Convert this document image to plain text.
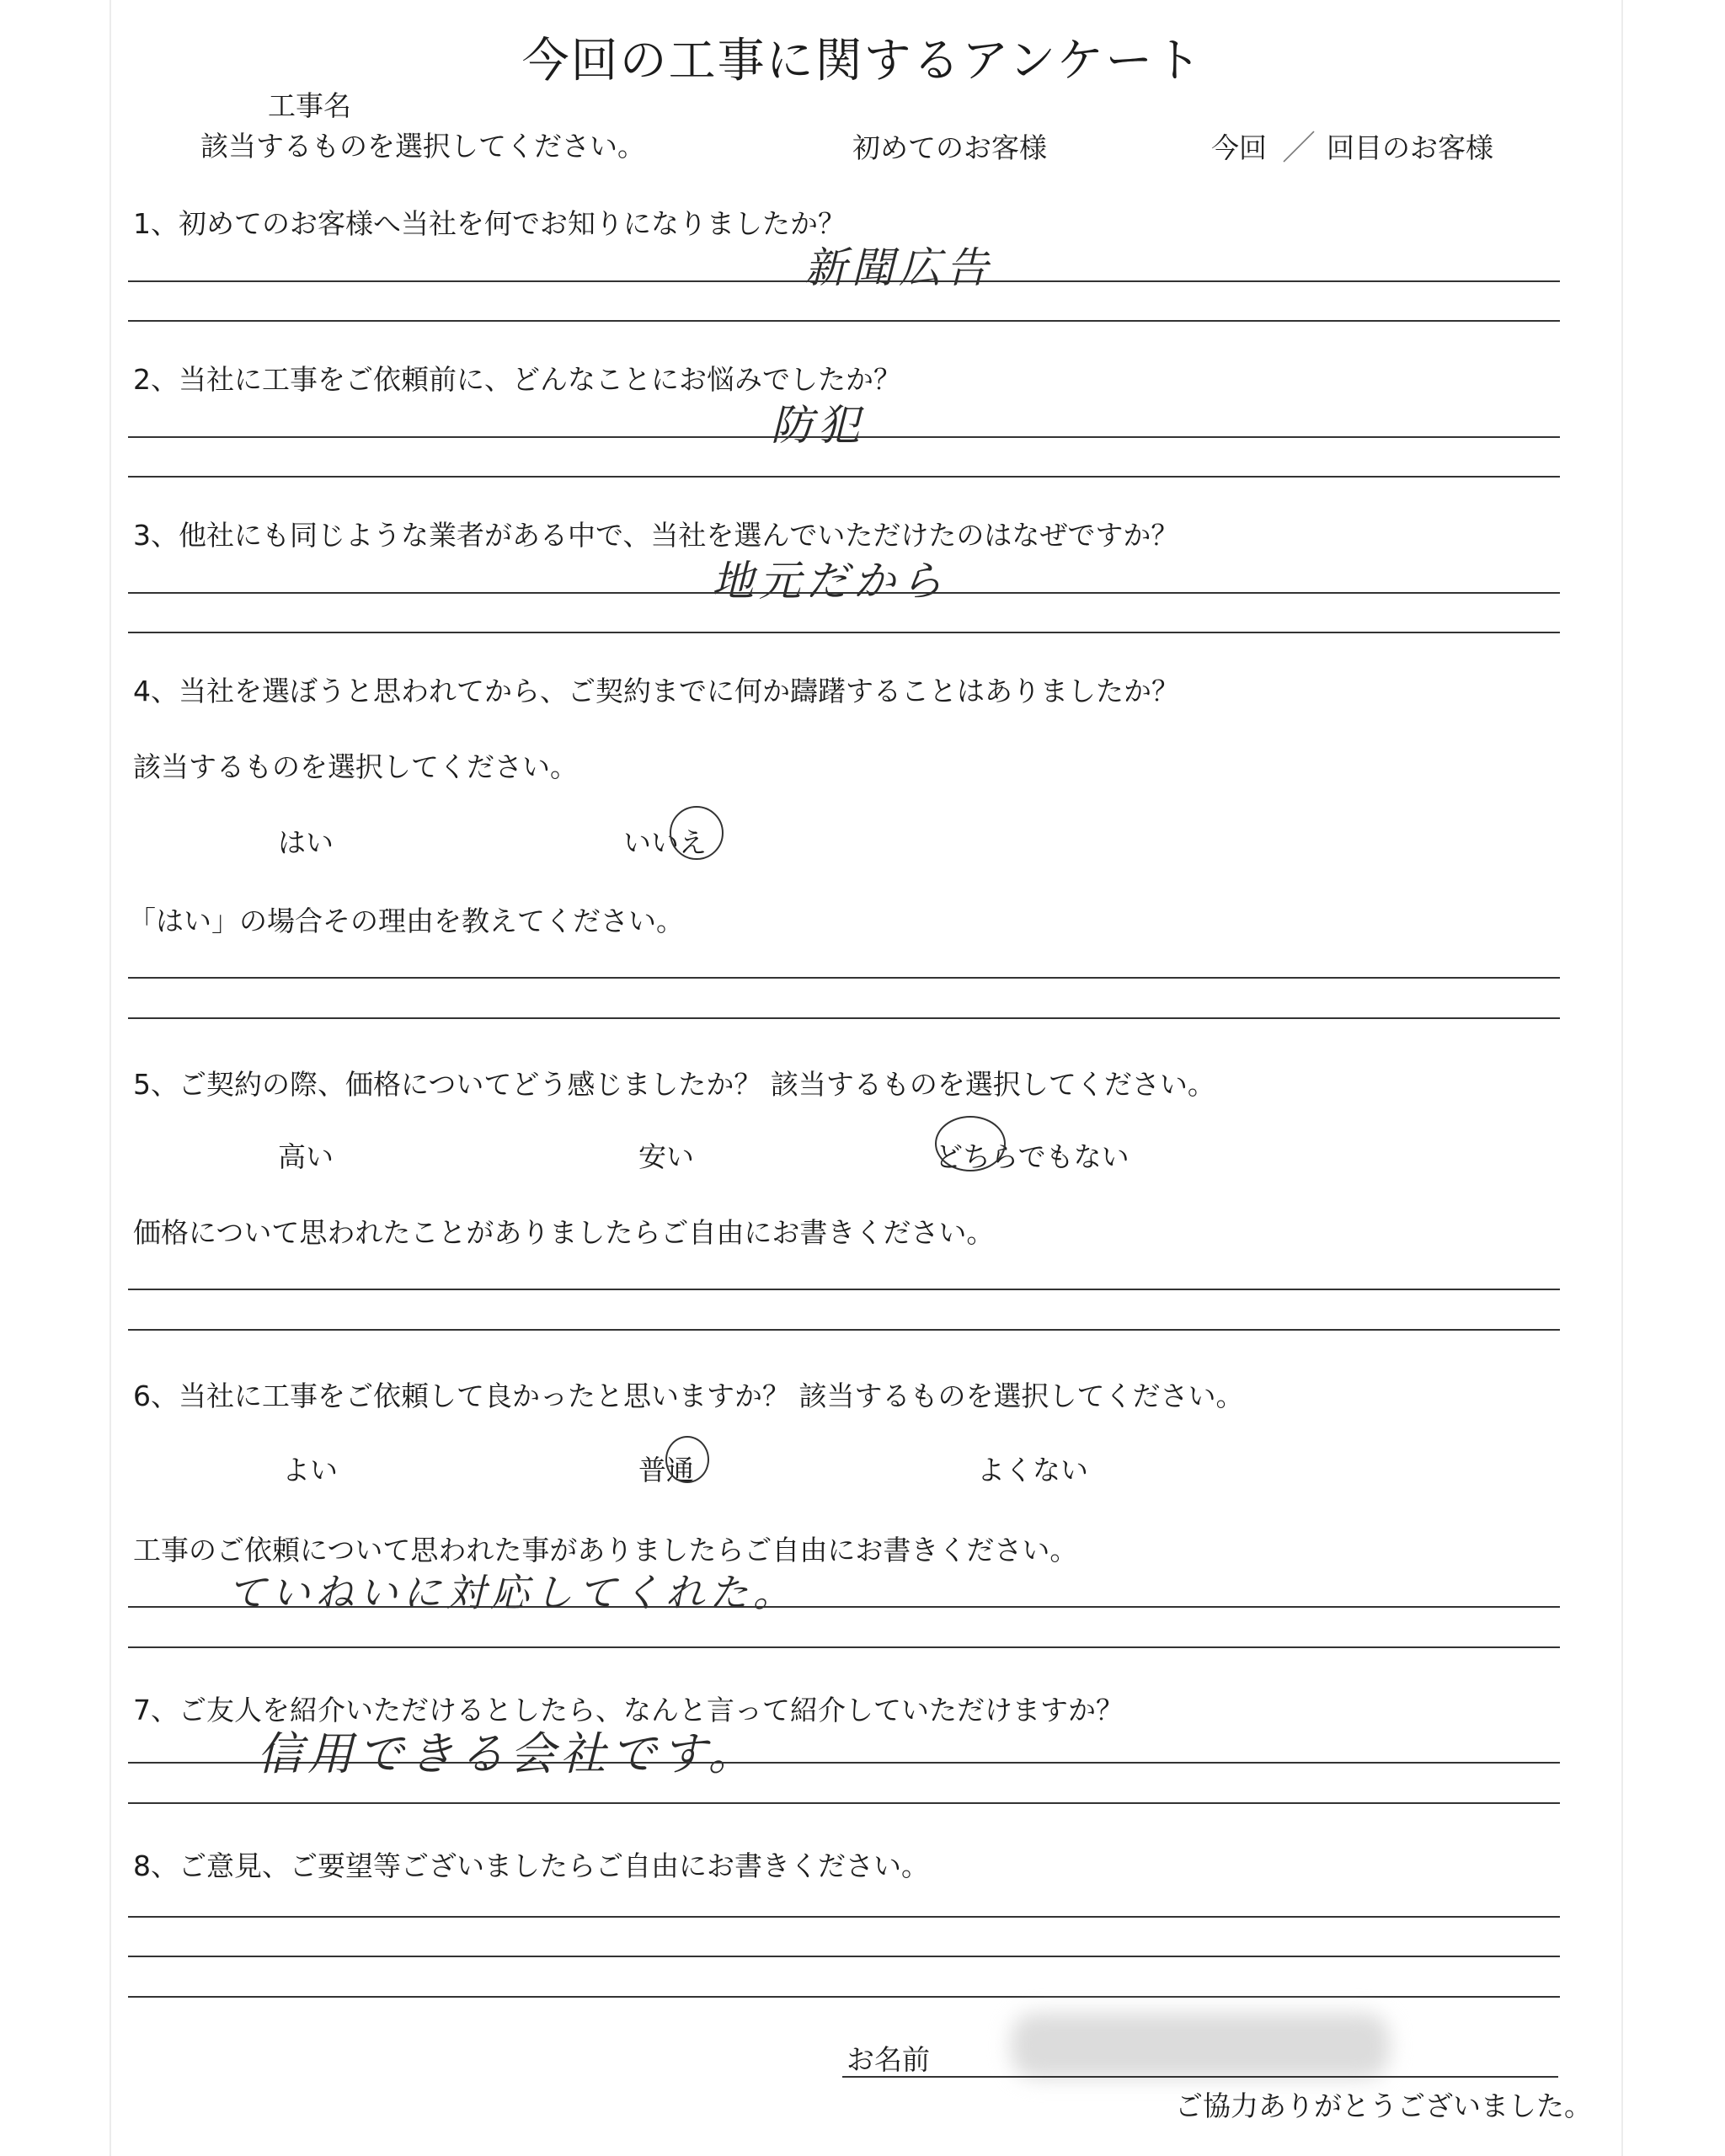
今回の工事に関するアンケート
工事名
該当するものを選択してください。	初めてのお客様	今回 ／ 回目のお客様
1、初めてのお客様へ当社を何でお知りになりましたか？
新聞広告
2、当社に工事をご依頼前に、どんなことにお悩みでしたか？
防犯
3、他社にも同じような業者がある中で、当社を選んでいただけたのはなぜですか？
地元だから
4、当社を選ぼうと思われてから、ご契約までに何か躊躇することはありましたか？
該当するものを選択してください。
はい	いいえ
「はい」の場合その理由を教えてください。
5、ご契約の際、価格についてどう感じましたか？ 該当するものを選択してください。
高い	安い	どちらでもない
価格について思われたことがありましたらご自由にお書きください。
6、当社に工事をご依頼して良かったと思いますか？ 該当するものを選択してください。
よい	普通	よくない
工事のご依頼について思われた事がありましたらご自由にお書きください。
ていねいに対応してくれた。
7、ご友人を紹介いただけるとしたら、なんと言って紹介していただけますか？
信用できる会社です。
8、ご意見、ご要望等ございましたらご自由にお書きください。
お名前
ご協力ありがとうございました。
